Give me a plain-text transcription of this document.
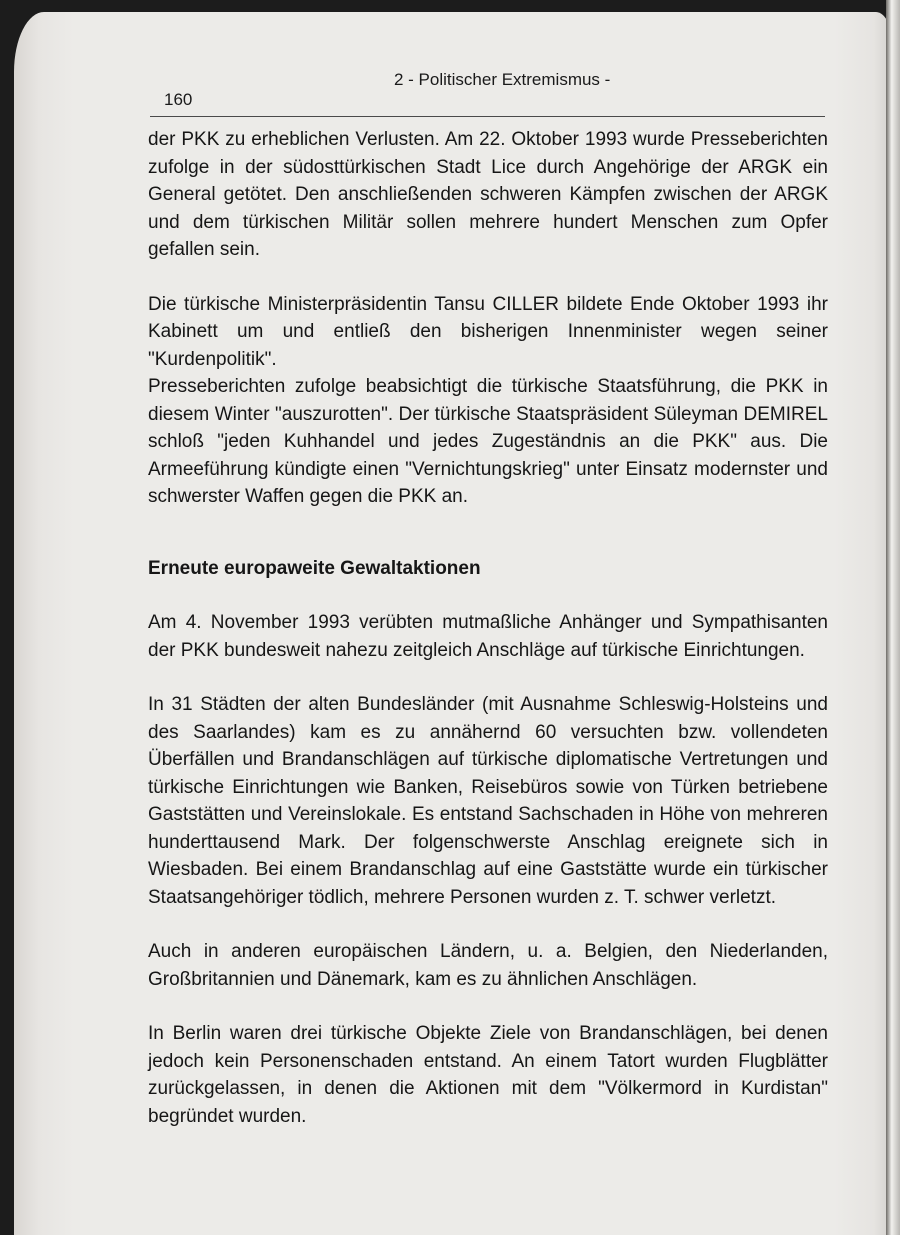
160
2 - Politischer Extremismus -

der PKK zu erheblichen Verlusten. Am 22. Oktober 1993 wurde Presseberichten zufolge in der südosttürkischen Stadt Lice durch Angehörige der ARGK ein General getötet. Den anschließenden schweren Kämpfen zwischen der ARGK und dem türkischen Militär sollen mehrere hundert Menschen zum Opfer gefallen sein.

Die türkische Ministerpräsidentin Tansu CILLER bildete Ende Oktober 1993 ihr Kabinett um und entließ den bisherigen Innenminister wegen seiner "Kurdenpolitik".

Presseberichten zufolge beabsichtigt die türkische Staatsführung, die PKK in diesem Winter "auszurotten". Der türkische Staatspräsident Süleyman DEMIREL schloß "jeden Kuhhandel und jedes Zugeständnis an die PKK" aus. Die Armeeführung kündigte einen "Vernichtungskrieg" unter Einsatz modernster und schwerster Waffen gegen die PKK an.

Erneute europaweite Gewaltaktionen

Am 4. November 1993 verübten mutmaßliche Anhänger und Sympathisanten der PKK bundesweit nahezu zeitgleich Anschläge auf türkische Einrichtungen.

In 31 Städten der alten Bundesländer (mit Ausnahme Schleswig-Holsteins und des Saarlandes) kam es zu annähernd 60 versuchten bzw. vollendeten Überfällen und Brandanschlägen auf türkische diplomatische Vertretungen und türkische Einrichtungen wie Banken, Reisebüros sowie von Türken betriebene Gaststätten und Vereinslokale. Es entstand Sachschaden in Höhe von mehreren hunderttausend Mark. Der folgenschwerste Anschlag ereignete sich in Wiesbaden. Bei einem Brandanschlag auf eine Gaststätte wurde ein türkischer Staatsangehöriger tödlich, mehrere Personen wurden z. T. schwer verletzt.

Auch in anderen europäischen Ländern, u. a. Belgien, den Niederlanden, Großbritannien und Dänemark, kam es zu ähnlichen Anschlägen.

In Berlin waren drei türkische Objekte Ziele von Brandanschlägen, bei denen jedoch kein Personenschaden entstand. An einem Tatort wurden Flugblätter zurückgelassen, in denen die Aktionen mit dem "Völkermord in Kurdistan" begründet wurden.
